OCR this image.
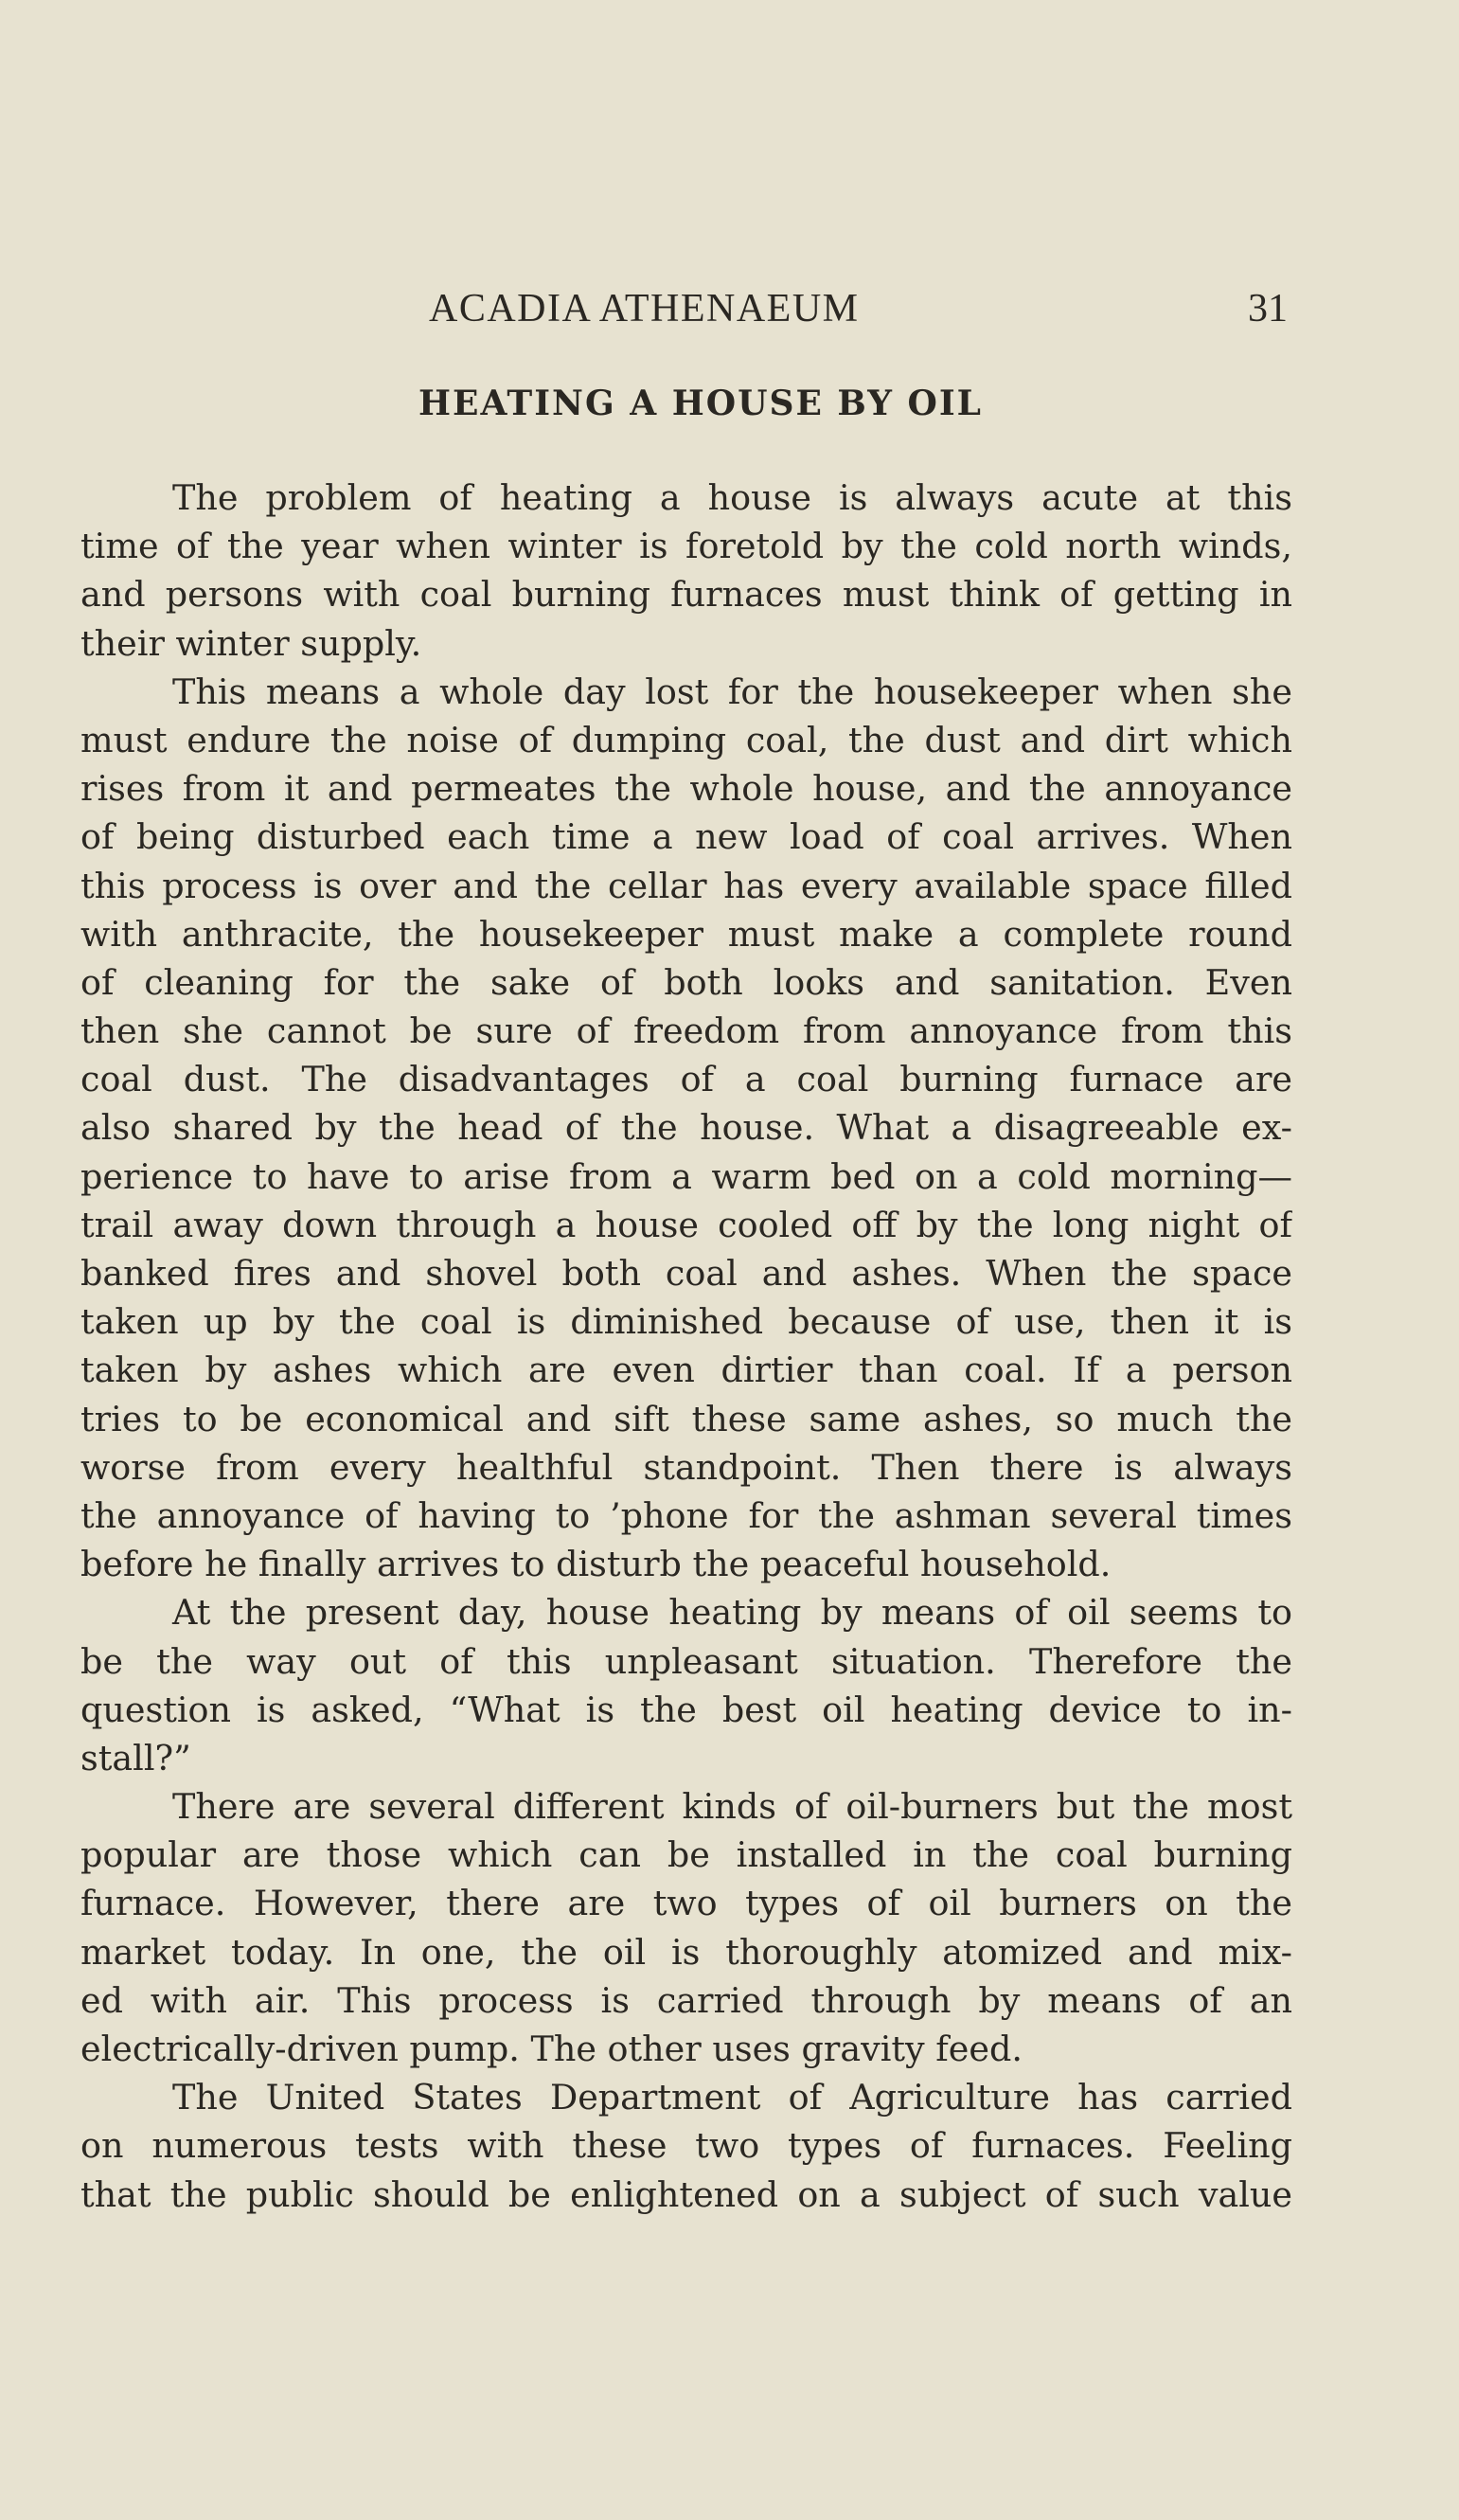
ACADIA ATHENAEUM	31
HEATING A HOUSE BY OIL

The problem of heating a house is always acute at this
time of the year when winter is foretold by the cold north winds,
and persons with coal burning furnaces must think of getting in
their winter supply.

This means a whole day lost for the housekeeper when she
must endure the noise of dumping coal, the dust and dirt which
rises from it and permeates the whole house, and the annoyance
of being disturbed each time a new load of coal arrives. When
this process is over and the cellar has every available space filled
with anthracite, the housekeeper must make a complete round
of cleaning for the sake of both looks and sanitation. Even
then she cannot be sure of freedom from annoyance from this
coal dust. The disadvantages of a coal burning furnace are
also shared by the head of the house. What a disagreeable ex-
perience to have to arise from a warm bed on a cold morning—
trail away down through a house cooled off by the long night of
banked fires and shovel both coal and ashes. When the space
taken up by the coal is diminished because of use, then it is
taken by ashes which are even dirtier than coal. If a person
tries to be economical and sift these same ashes, so much the
worse from every healthful standpoint. Then there is always
the annoyance of having to ’phone for the ashman several times
before he finally arrives to disturb the peaceful household.

At the present day, house heating by means of oil seems to
be the way out of this unpleasant situation. Therefore the
question is asked, “What is the best oil heating device to in-
stall?”

There are several different kinds of oil-burners but the most
popular are those which can be installed in the coal burning
furnace. However, there are two types of oil burners on the
market today. In one, the oil is thoroughly atomized and mix-
ed with air. This process is carried through by means of an
electrically-driven pump. The other uses gravity feed.

The United States Department of Agriculture has carried
on numerous tests with these two types of furnaces. Feeling
that the public should be enlightened on a subject of such value
